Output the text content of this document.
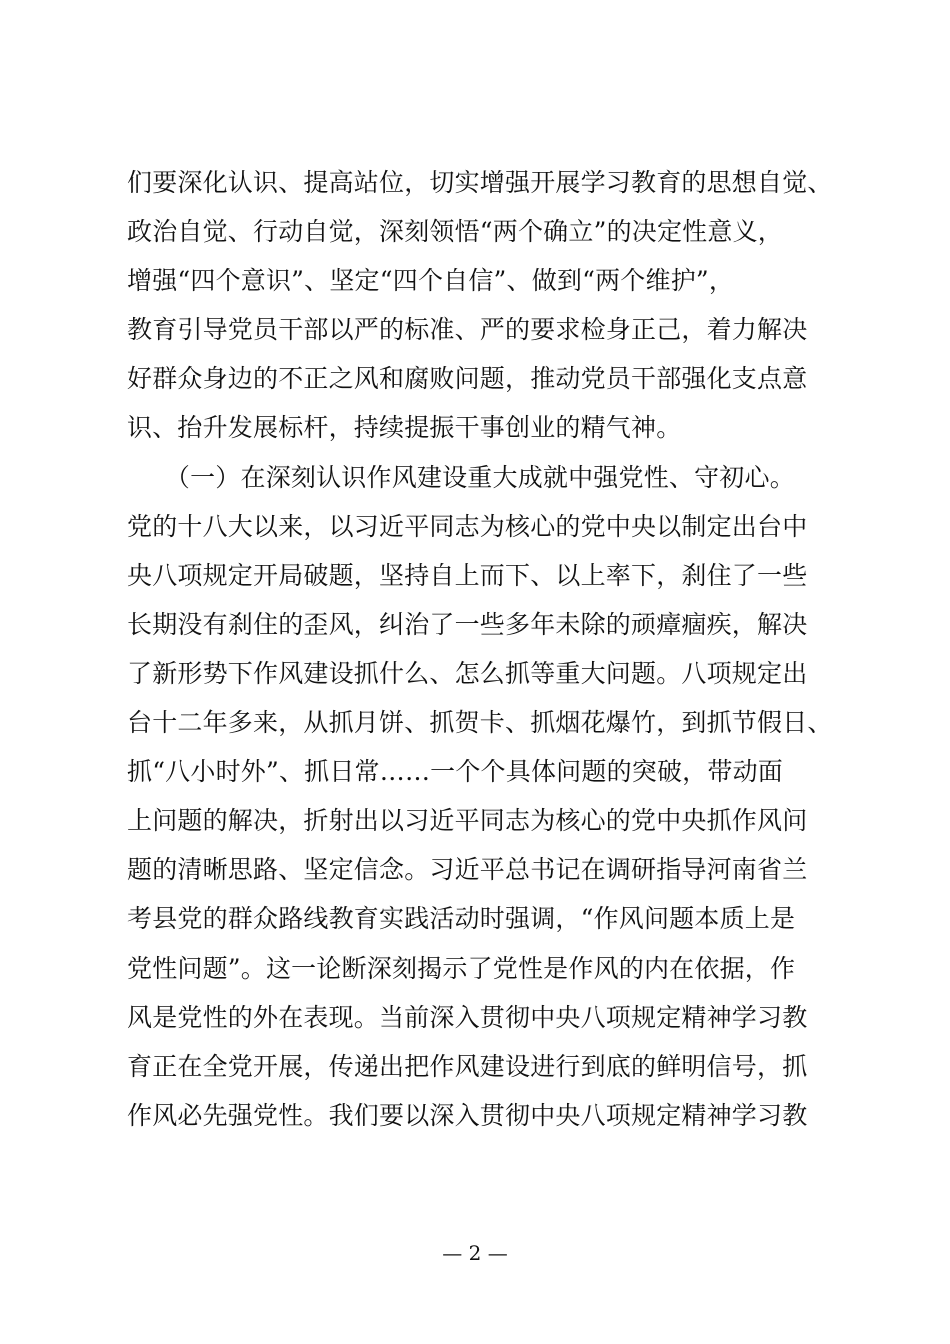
们要深化认识、提高站位，切实增强开展学习教育的思想自觉、
政治自觉、行动自觉，深刻领悟“两个确立”的决定性意义，
增强“四个意识”、坚定“四个自信”、做到“两个维护”，
教育引导党员干部以严的标准、严的要求检身正己，着力解决
好群众身边的不正之风和腐败问题，推动党员干部强化支点意
识、抬升发展标杆，持续提振干事创业的精气神。
　　（一）在深刻认识作风建设重大成就中强党性、守初心。
党的十八大以来，以习近平同志为核心的党中央以制定出台中
央八项规定开局破题，坚持自上而下、以上率下，刹住了一些
长期没有刹住的歪风，纠治了一些多年未除的顽瘴痼疾，解决
了新形势下作风建设抓什么、怎么抓等重大问题。八项规定出
台十二年多来，从抓月饼、抓贺卡、抓烟花爆竹，到抓节假日、
抓“八小时外”、抓日常……一个个具体问题的突破，带动面
上问题的解决，折射出以习近平同志为核心的党中央抓作风问
题的清晰思路、坚定信念。习近平总书记在调研指导河南省兰
考县党的群众路线教育实践活动时强调，“作风问题本质上是
党性问题”。这一论断深刻揭示了党性是作风的内在依据，作
风是党性的外在表现。当前深入贯彻中央八项规定精神学习教
育正在全党开展，传递出把作风建设进行到底的鲜明信号，抓
作风必先强党性。我们要以深入贯彻中央八项规定精神学习教
— 2 —
